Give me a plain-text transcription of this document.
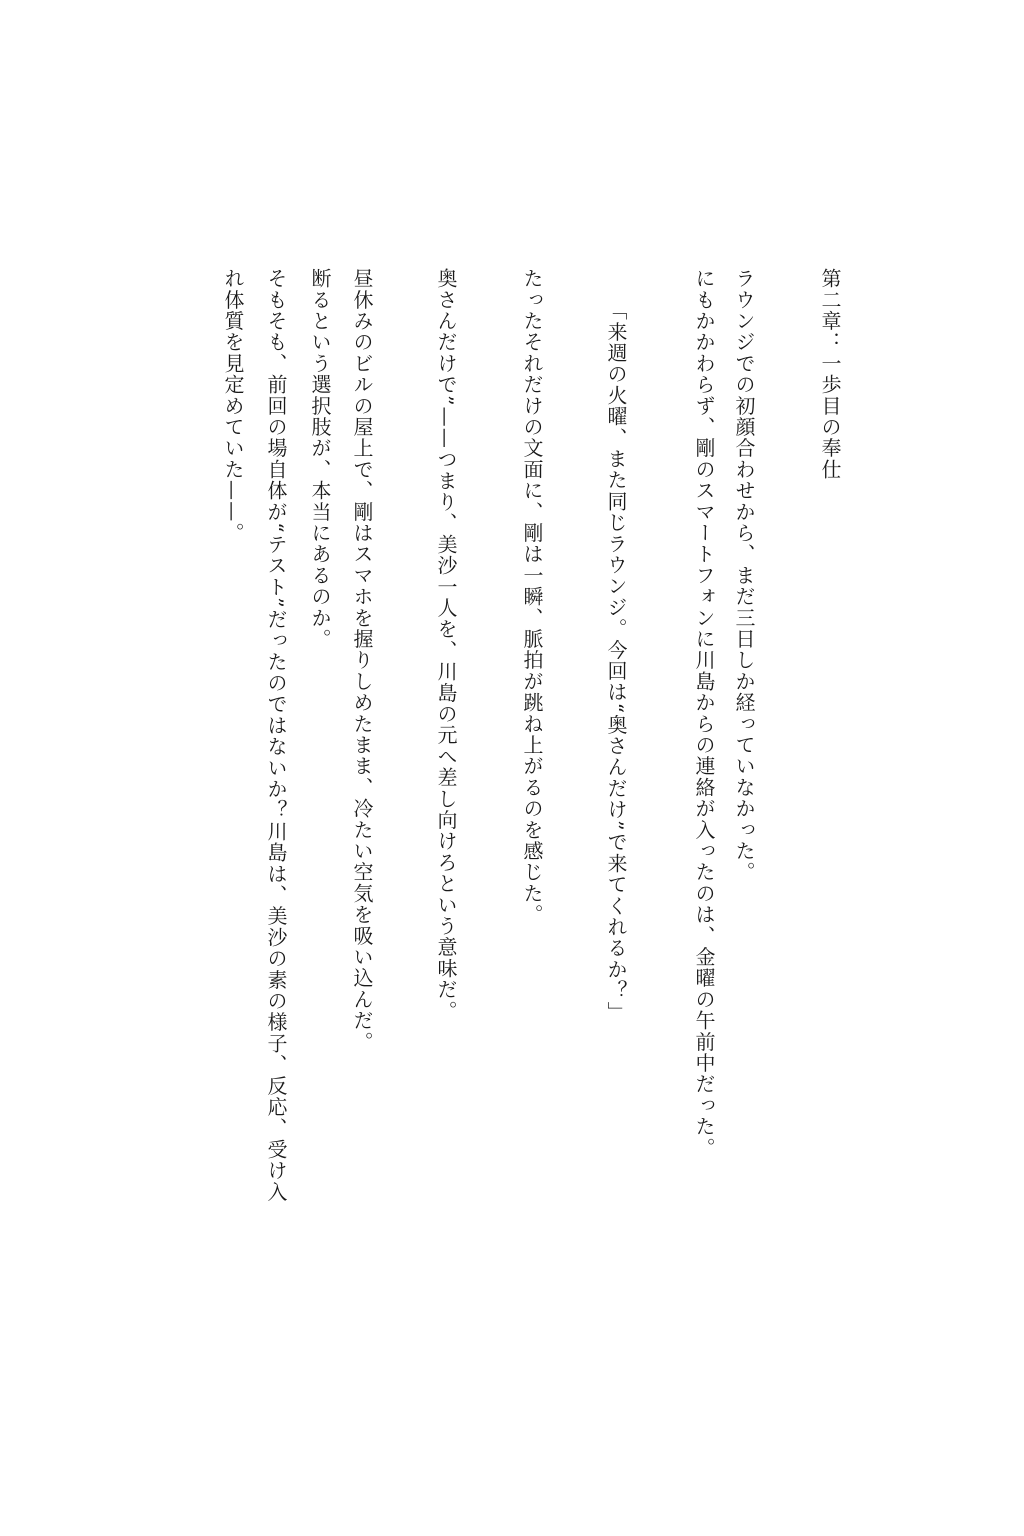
第二章：一歩目の奉仕
ラウンジでの初顔合わせから、まだ三日しか経っていなかった。
にもかかわらず、剛のスマートフォンに川島からの連絡が入ったのは、金曜の午前中だった。
「来週の火曜、また同じラウンジ。今回は“奥さんだけ”で来てくれるか？」
たったそれだけの文面に、剛は一瞬、脈拍が跳ね上がるのを感じた。
奥さんだけで”——つまり、美沙一人を、川島の元へ差し向けろという意味だ。
昼休みのビルの屋上で、剛はスマホを握りしめたまま、冷たい空気を吸い込んだ。
断るという選択肢が、本当にあるのか。
そもそも、前回の場自体が“テスト”だったのではないか？川島は、美沙の素の様子、反応、受け入
れ体質を見定めていた——。
